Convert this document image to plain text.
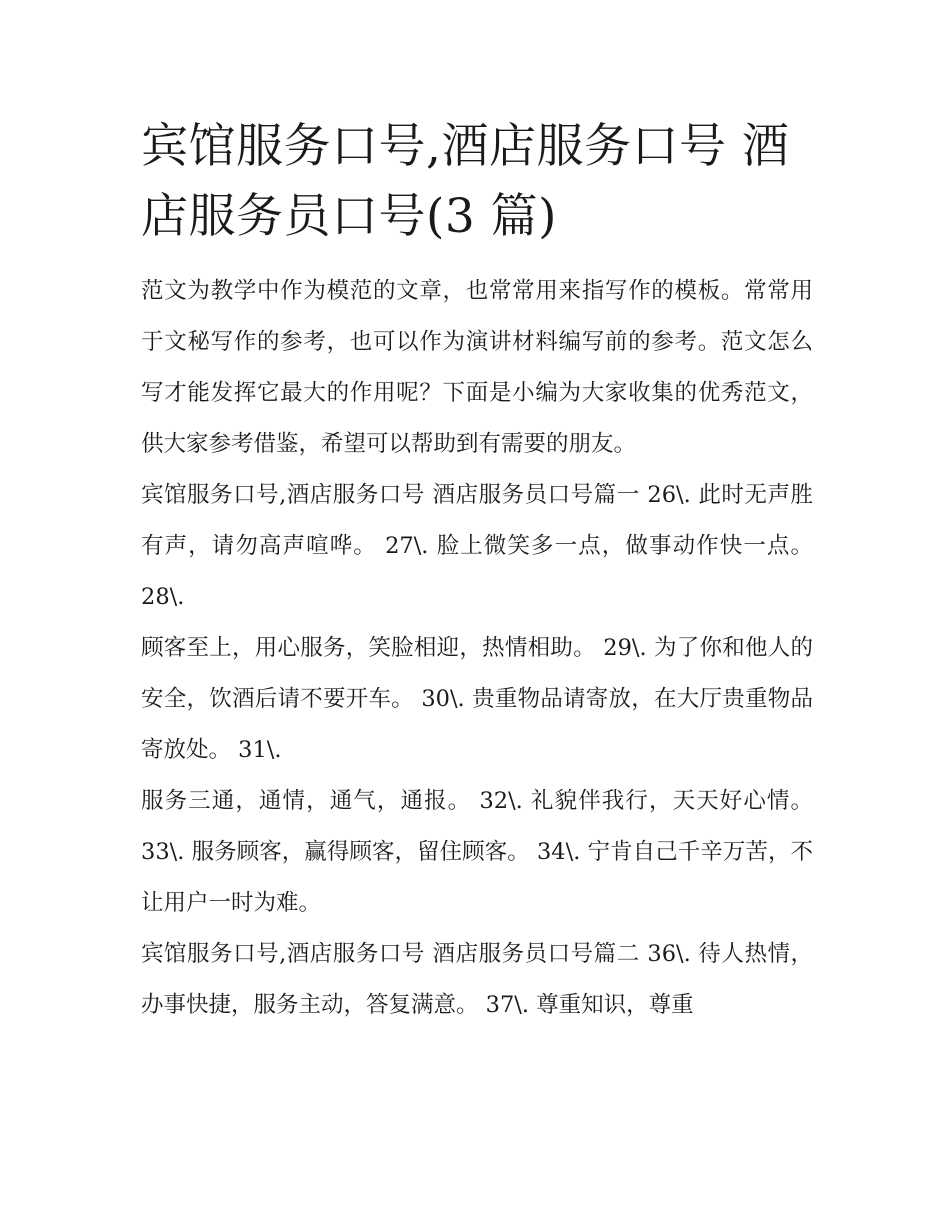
宾馆服务口号,酒店服务口号 酒店服务员口号(3 篇)

范文为教学中作为模范的文章，也常常用来指写作的模板。常常用于文秘写作的参考，也可以作为演讲材料编写前的参考。范文怎么写才能发挥它最大的作用呢？下面是小编为大家收集的优秀范文，供大家参考借鉴，希望可以帮助到有需要的朋友。

宾馆服务口号,酒店服务口号 酒店服务员口号篇一 26\. 此时无声胜有声，请勿高声喧哗。 27\. 脸上微笑多一点，做事动作快一点。 28\.

顾客至上，用心服务，笑脸相迎，热情相助。 29\. 为了你和他人的安全，饮酒后请不要开车。 30\. 贵重物品请寄放，在大厅贵重物品寄放处。 31\.

服务三通，通情，通气，通报。 32\. 礼貌伴我行，天天好心情。 33\. 服务顾客，赢得顾客，留住顾客。 34\. 宁肯自己千辛万苦，不让用户一时为难。

宾馆服务口号,酒店服务口号 酒店服务员口号篇二 36\. 待人热情，办事快捷，服务主动，答复满意。 37\. 尊重知识，尊重
